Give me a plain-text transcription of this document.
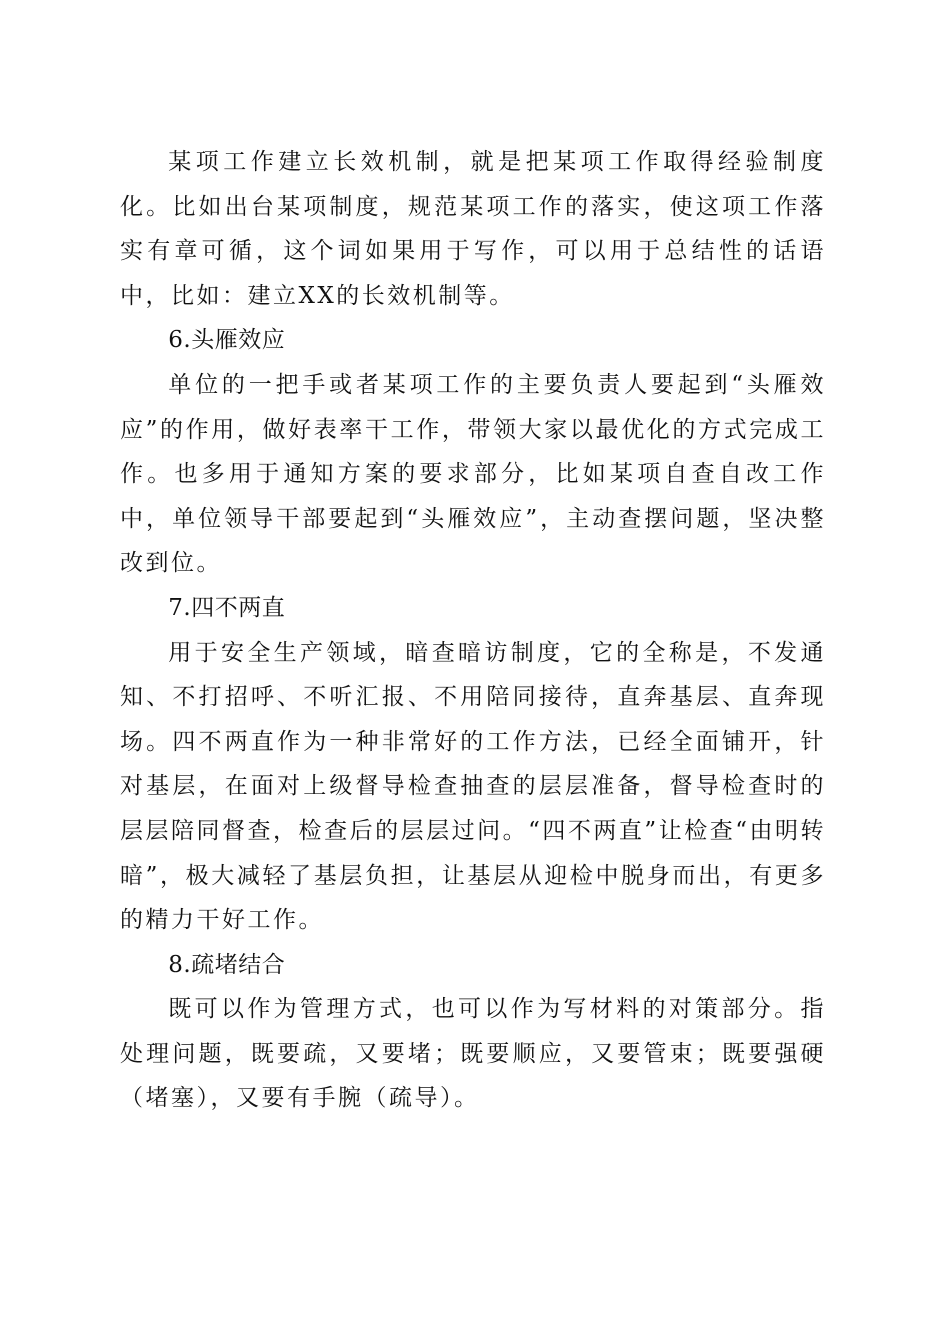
某项工作建立长效机制，就是把某项工作取得经验制度化。比如出台某项制度，规范某项工作的落实，使这项工作落实有章可循，这个词如果用于写作，可以用于总结性的话语中，比如：建立XX的长效机制等。

6.头雁效应

单位的一把手或者某项工作的主要负责人要起到“头雁效应”的作用，做好表率干工作，带领大家以最优化的方式完成工作。也多用于通知方案的要求部分，比如某项自查自改工作中，单位领导干部要起到“头雁效应”，主动查摆问题，坚决整改到位。

7.四不两直

用于安全生产领域，暗查暗访制度，它的全称是，不发通知、不打招呼、不听汇报、不用陪同接待，直奔基层、直奔现场。四不两直作为一种非常好的工作方法，已经全面铺开，针对基层，在面对上级督导检查抽查的层层准备，督导检查时的层层陪同督查，检查后的层层过问。“四不两直”让检查“由明转暗”，极大减轻了基层负担，让基层从迎检中脱身而出，有更多的精力干好工作。

8.疏堵结合

既可以作为管理方式，也可以作为写材料的对策部分。指处理问题，既要疏，又要堵；既要顺应，又要管束；既要强硬（堵塞），又要有手腕（疏导）。
